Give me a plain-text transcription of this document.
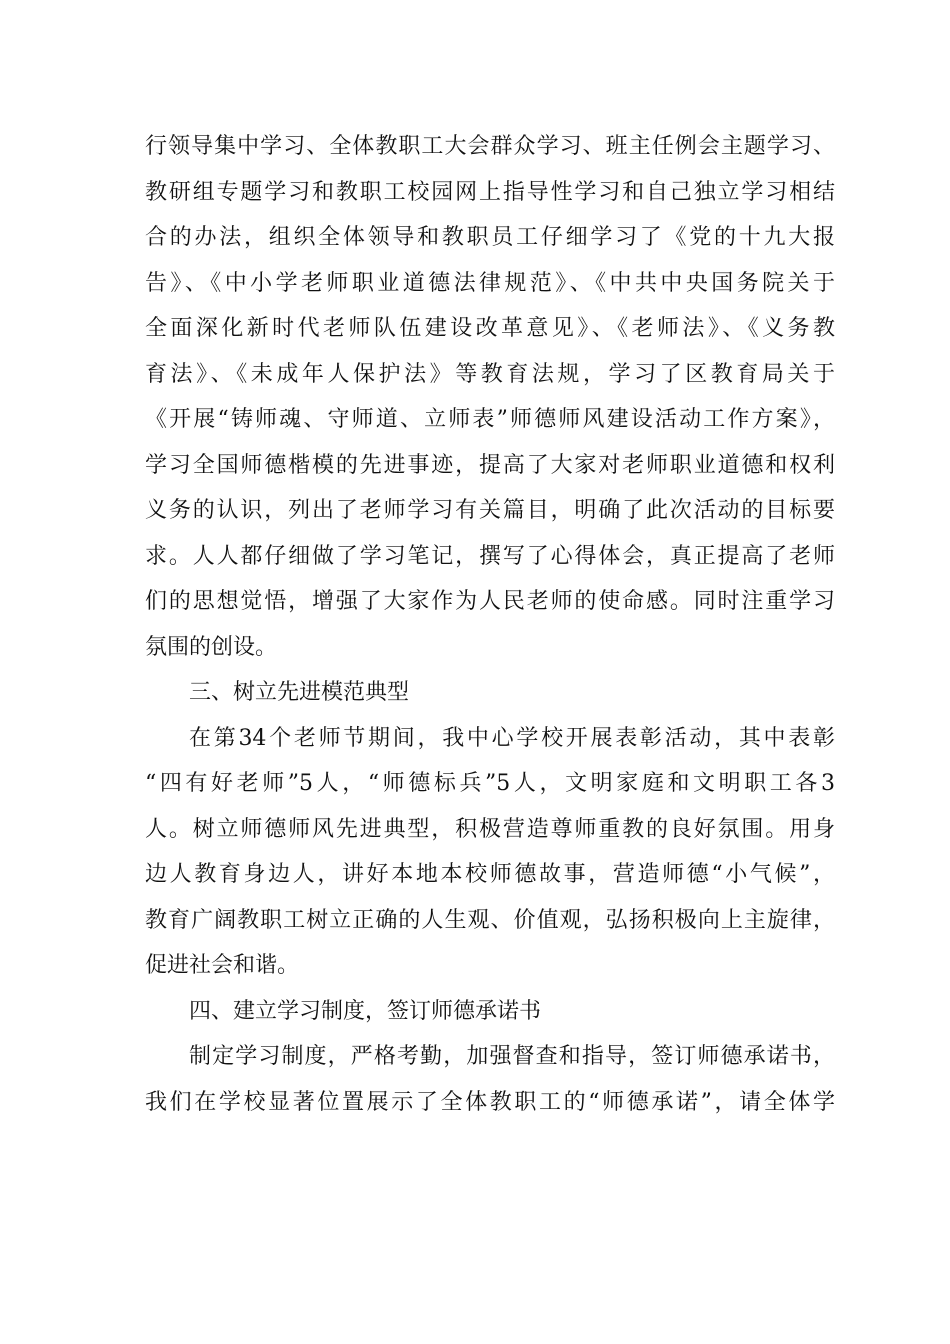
行领导集中学习、全体教职工大会群众学习、班主任例会主题学习、
教研组专题学习和教职工校园网上指导性学习和自己独立学习相结
合的办法，组织全体领导和教职员工仔细学习了《党的十九大报
告》、《中小学老师职业道德法律规范》、《中共中央国务院关于
全面深化新时代老师队伍建设改革意见》、《老师法》、《义务教
育法》、《未成年人保护法》等教育法规，学习了区教育局关于
《开展“铸师魂、守师道、立师表”师德师风建设活动工作方案》，
学习全国师德楷模的先进事迹，提高了大家对老师职业道德和权利
义务的认识，列出了老师学习有关篇目，明确了此次活动的目标要
求。人人都仔细做了学习笔记，撰写了心得体会，真正提高了老师
们的思想觉悟，增强了大家作为人民老师的使命感。同时注重学习
氛围的创设。
三、树立先进模范典型
在第34个老师节期间，我中心学校开展表彰活动，其中表彰
“四有好老师”5人，“师德标兵”5人，文明家庭和文明职工各3
人。树立师德师风先进典型，积极营造尊师重教的良好氛围。用身
边人教育身边人，讲好本地本校师德故事，营造师德“小气候”，
教育广阔教职工树立正确的人生观、价值观，弘扬积极向上主旋律，
促进社会和谐。
四、建立学习制度，签订师德承诺书
制定学习制度，严格考勤，加强督查和指导，签订师德承诺书，
我们在学校显著位置展示了全体教职工的“师德承诺”，请全体学
